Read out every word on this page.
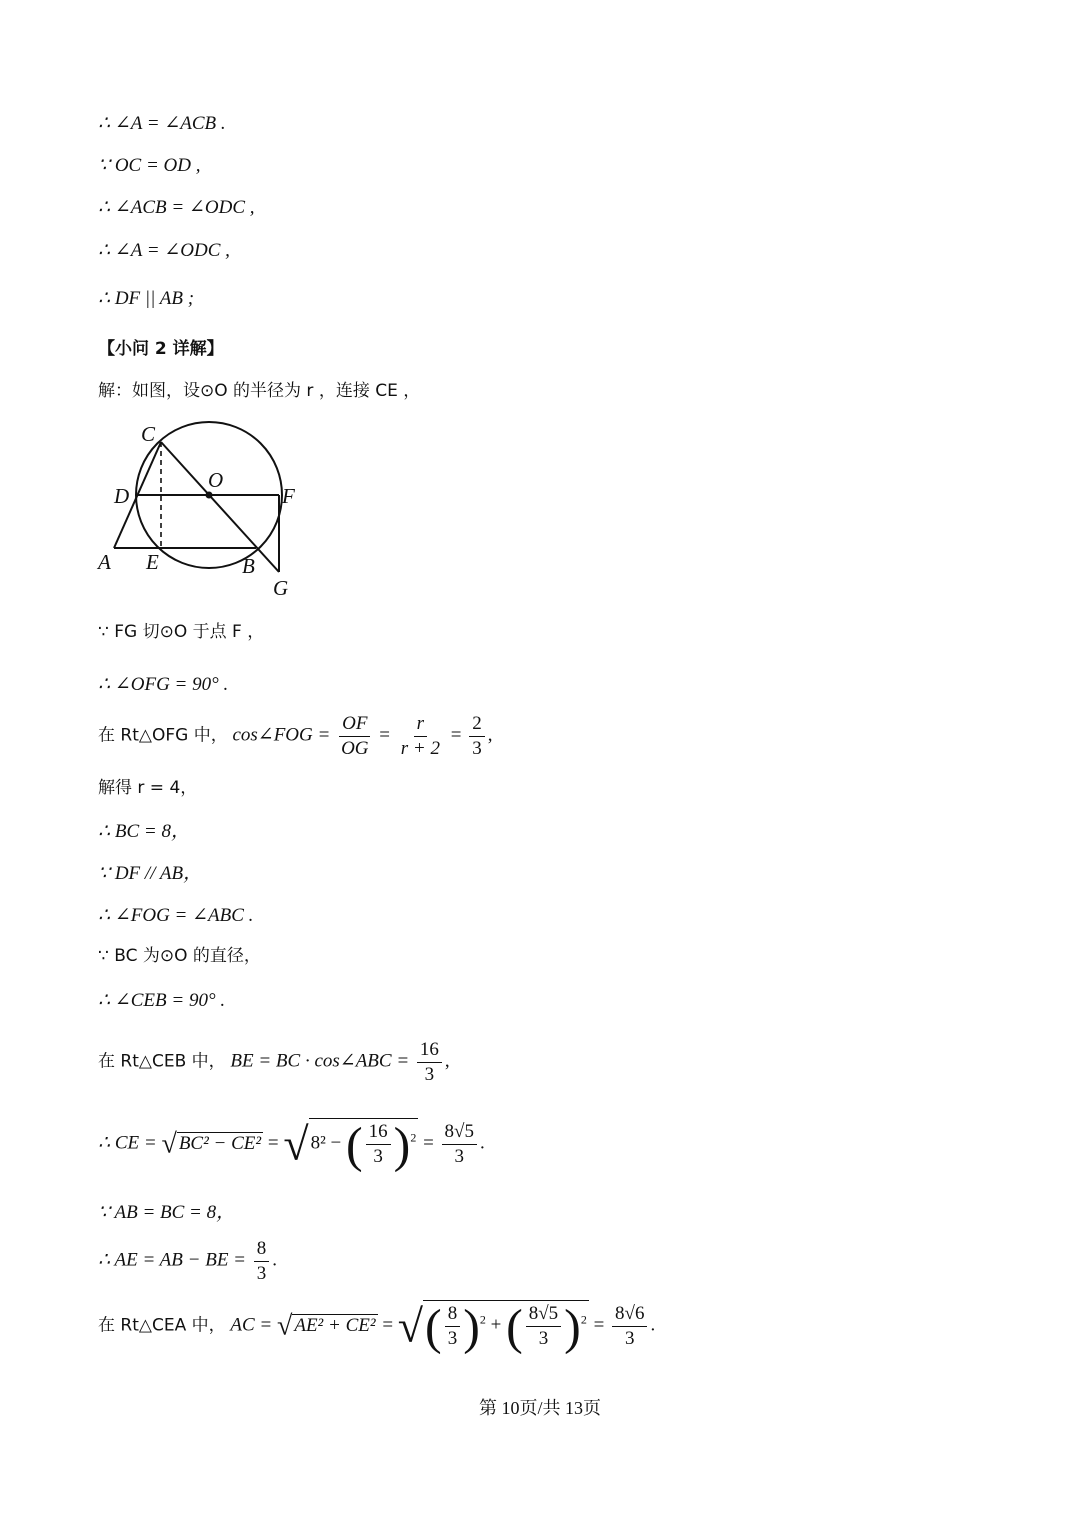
∴ ∠A = ∠ACB .
∵ OC = OD ,
∴ ∠ACB = ∠ODC ,
∴ ∠A = ∠ODC ,
∴ DF || AB ;
【小问 2 详解】
解：如图，设⊙O 的半径为 r ，连接 CE ，
C
O
D	F
A E	B
G
∵ FG 切⊙O 于点 F ，
∴ ∠OFG = 90° .
在 Rt△OFG 中， cos∠FOG = $\frac{OF}{OG} = \frac{r}{r + 2} = \frac{2}{3}$ ,
解得 r = 4，
∴ BC = 8，
∵ DF // AB，
∴ ∠FOG = ∠ABC .
∵ BC 为⊙O 的直径，
∴ ∠CEB = 90° .
在 Rt△CEB 中， BE = BC · cos∠ABC = $\frac{16}{3}$ ,
∴ CE = √ BC² − CE² = √ 8² − ( $\frac{16}{3} )^2 = \frac{8√5}{3}$ .
∵ AB = BC = 8，
∴ AE = AB − BE = $\frac{8}{3}$ .
在 Rt△CEA 中， AC = √ AE² + CE² = √( $\frac{8}{3} )^2$ + ( $\frac{8√5}{3} )^2 = \frac{8√6}{3}$ .
第 10页/共 13页
